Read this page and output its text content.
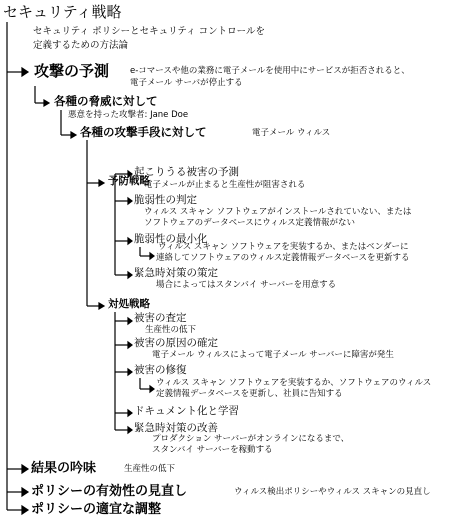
セキュリティ戦略
セキュリティ ポリシーとセキュリティ コントロールを
定義するための方法論
攻撃の予測 e-コマースや他の業務に電子メールを使用中にサービスが拒否されると、
電子メール サーバが停止する
各種の脅威に対して
悪意を持った攻撃者: Jane Doe
各種の攻撃手段に対して	電子メール ウィルス
予防戦略
起こりうる被害の予測
電子メールが止まると生産性が阻害される
脆弱性の判定
ウィルス スキャン ソフトウェアがインストールされていない、または
ソフトウェアのデータベースにウィルス定義情報がない
脆弱性の最小化
ウィルス スキャン ソフトウェアを実装するか、またはベンダーに
連絡してソフトウェアのウィルス定義情報データベースを更新する
緊急時対策の策定
場合によってはスタンバイ サーバーを用意する
対処戦略
被害の査定
生産性の低下
被害の原因の確定
電子メール ウィルスによって電子メール サーバーに障害が発生
被害の修復
ウィルス スキャン ソフトウェアを実装するか、ソフトウェアのウィルス
定義情報データベースを更新し、社員に告知する
ドキュメント化と学習
緊急時対策の改善
プロダクション サーバーがオンラインになるまで、
スタンバイ サーバーを稼動する
結果の吟味	生産性の低下
ポリシーの有効性の見直し	ウィルス検出ポリシーやウィルス スキャンの見直し
ポリシーの適宜な調整
